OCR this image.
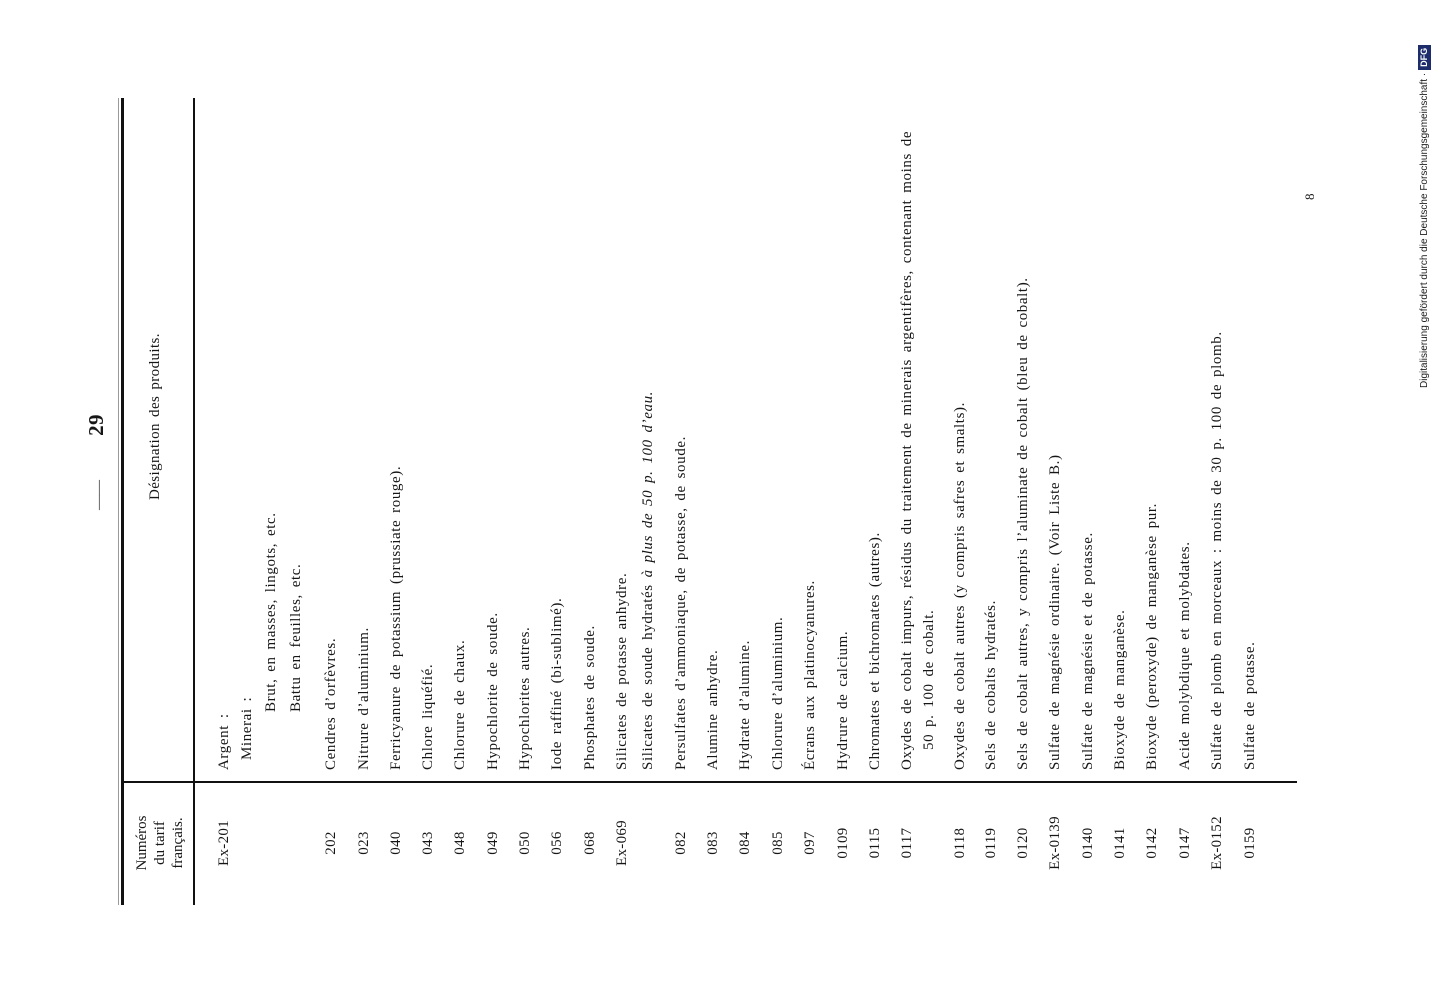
—
29
—
Numéros du tarif français.
Désignation des produits.
Ex-201
Argent : Minerai :
Brut, en masses, lingots, etc. Battu en feuilles, etc.
202
Cendres d’orfèvres.
023
Nitrure d’aluminium.
040
Ferricyanure de potassium (prussiate rouge).
043
Chlore liquéfié.
048
Chlorure de chaux.
049
Hypochlorite de soude.
050
Hypochlorites autres.
056
Iode raffiné (bi-sublimé).
068
Phosphates de soude.
Ex-069
Silicates de potasse anhydre. Silicates de soude hydratés à plus de 50 p. 100 d’eau.
082
Persulfates d’ammoniaque, de potasse, de soude.
083
Alumine anhydre.
084
Hydrate d’alumine.
085
Chlorure d’aluminium.
097
Écrans aux platinocyanures.
0109
Hydrure de calcium.
0115
Chromates et bichromates (autres).
0117
Oxydes de cobalt impurs, résidus du traitement de minerais argentifères, contenant moins de 50 p. 100 de cobalt.
0118
Oxydes de cobalt autres (y compris safres et smalts).
0119
Sels de cobalts hydratés.
0120
Sels de cobalt autres, y compris l’aluminate de cobalt (bleu de cobalt).
Ex-0139
Sulfate de magnésie ordinaire. (Voir Liste B.)
0140
Sulfate de magnésie et de potasse.
0141
Bioxyde de manganèse.
0142
Bioxyde (peroxyde) de manganèse pur.
0147
Acide molybdique et molybdates.
Ex-0152
Sulfate de plomb en morceaux : moins de 30 p. 100 de plomb.
0159
Sulfate de potasse.
8	Digitalisierung gefördert durch die Deutsche Forschungsgemeinschaft ·DFG
